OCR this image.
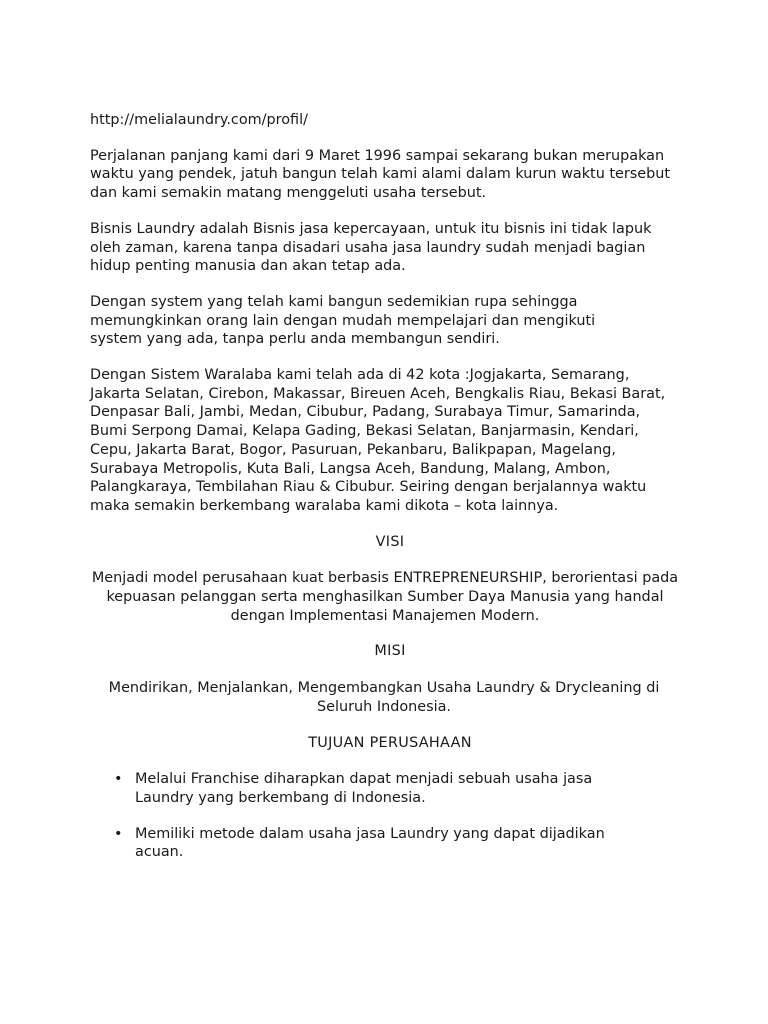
http://melialaundry.com/profil/

Perjalanan panjang kami dari 9 Maret 1996 sampai sekarang bukan merupakan waktu yang pendek, jatuh bangun telah kami alami dalam kurun waktu tersebut dan kami semakin matang menggeluti usaha tersebut.

Bisnis Laundry adalah Bisnis jasa kepercayaan, untuk itu bisnis ini tidak lapuk oleh zaman, karena tanpa disadari usaha jasa laundry sudah menjadi bagian hidup penting manusia dan akan tetap ada.

Dengan system yang telah kami bangun sedemikian rupa sehingga memungkinkan orang lain dengan mudah mempelajari dan mengikuti system yang ada, tanpa perlu anda membangun sendiri.

Dengan Sistem Waralaba kami telah ada di 42 kota :Jogjakarta, Semarang, Jakarta Selatan, Cirebon, Makassar, Bireuen Aceh, Bengkalis Riau, Bekasi Barat, Denpasar Bali, Jambi, Medan, Cibubur, Padang, Surabaya Timur, Samarinda, Bumi Serpong Damai, Kelapa Gading, Bekasi Selatan, Banjarmasin, Kendari, Cepu, Jakarta Barat, Bogor, Pasuruan, Pekanbaru, Balikpapan, Magelang, Surabaya Metropolis, Kuta Bali, Langsa Aceh, Bandung, Malang, Ambon, Palangkaraya, Tembilahan Riau & Cibubur. Seiring dengan berjalannya waktu maka semakin berkembang waralaba kami dikota – kota lainnya.

VISI

Menjadi model perusahaan kuat berbasis ENTREPRENEURSHIP, berorientasi pada kepuasan pelanggan serta menghasilkan Sumber Daya Manusia yang handal dengan Implementasi Manajemen Modern.

MISI

Mendirikan, Menjalankan, Mengembangkan Usaha Laundry & Drycleaning di Seluruh Indonesia.

TUJUAN PERUSAHAAN
• Melalui Franchise diharapkan dapat menjadi sebuah usaha jasa Laundry yang berkembang di Indonesia.
• Memiliki metode dalam usaha jasa Laundry yang dapat dijadikan acuan.
